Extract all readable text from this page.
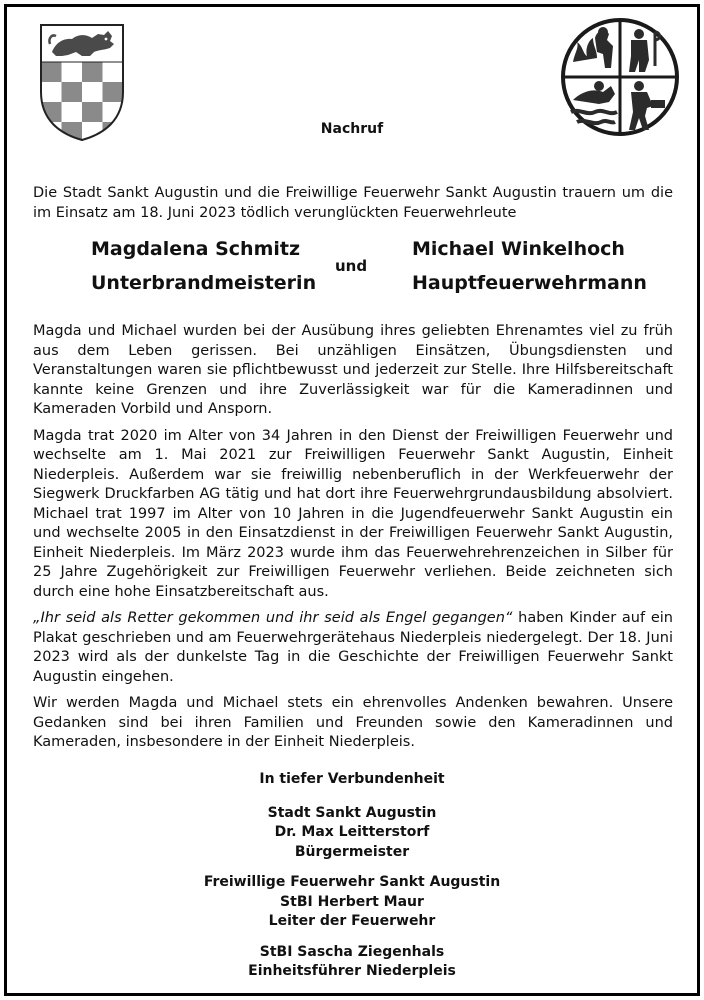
Nachruf
Die Stadt Sankt Augustin und die Freiwillige Feuerwehr Sankt Augustin trauern um die im Einsatz am 18. Juni 2023 tödlich verunglückten Feuerwehrleute
Magdalena Schmitz
Unterbrandmeisterin
und
Michael Winkelhoch
Hauptfeuerwehrmann

Magda und Michael wurden bei der Ausübung ihres geliebten Ehrenamtes viel zu früh aus dem Leben gerissen. Bei unzähligen Einsätzen, Übungsdiensten und Veranstaltungen waren sie pflichtbewusst und jederzeit zur Stelle. Ihre Hilfsbereitschaft kannte keine Grenzen und ihre Zuverlässigkeit war für die Kameradinnen und Kameraden Vorbild und Ansporn.

Magda trat 2020 im Alter von 34 Jahren in den Dienst der Freiwilligen Feuerwehr und wechselte am 1. Mai 2021 zur Freiwilligen Feuerwehr Sankt Augustin, Einheit Niederpleis. Außerdem war sie freiwillig nebenberuflich in der Werkfeuerwehr der Siegwerk Druckfarben AG tätig und hat dort ihre Feuerwehrgrundausbildung absolviert. Michael trat 1997 im Alter von 10 Jahren in die Jugendfeuerwehr Sankt Augustin ein und wechselte 2005 in den Einsatzdienst in der Freiwilligen Feuerwehr Sankt Augustin, Einheit Niederpleis. Im März 2023 wurde ihm das Feuerwehrehrenzeichen in Silber für 25 Jahre Zugehörigkeit zur Freiwilligen Feuerwehr verliehen. Beide zeichneten sich durch eine hohe Einsatzbereitschaft aus.

„Ihr seid als Retter gekommen und ihr seid als Engel gegangen“ haben Kinder auf ein Plakat geschrieben und am Feuerwehrgerätehaus Niederpleis niedergelegt. Der 18. Juni 2023 wird als der dunkelste Tag in die Geschichte der Freiwilligen Feuerwehr Sankt Augustin eingehen.

Wir werden Magda und Michael stets ein ehrenvolles Andenken bewahren. Unsere Gedanken sind bei ihren Familien und Freunden sowie den Kameradinnen und Kameraden, insbesondere in der Einheit Niederpleis.

In tiefer Verbundenheit
Stadt Sankt Augustin
Dr. Max Leitterstorf
Bürgermeister
Freiwillige Feuerwehr Sankt Augustin
StBI Herbert Maur
Leiter der Feuerwehr
StBI Sascha Ziegenhals
Einheitsführer Niederpleis
